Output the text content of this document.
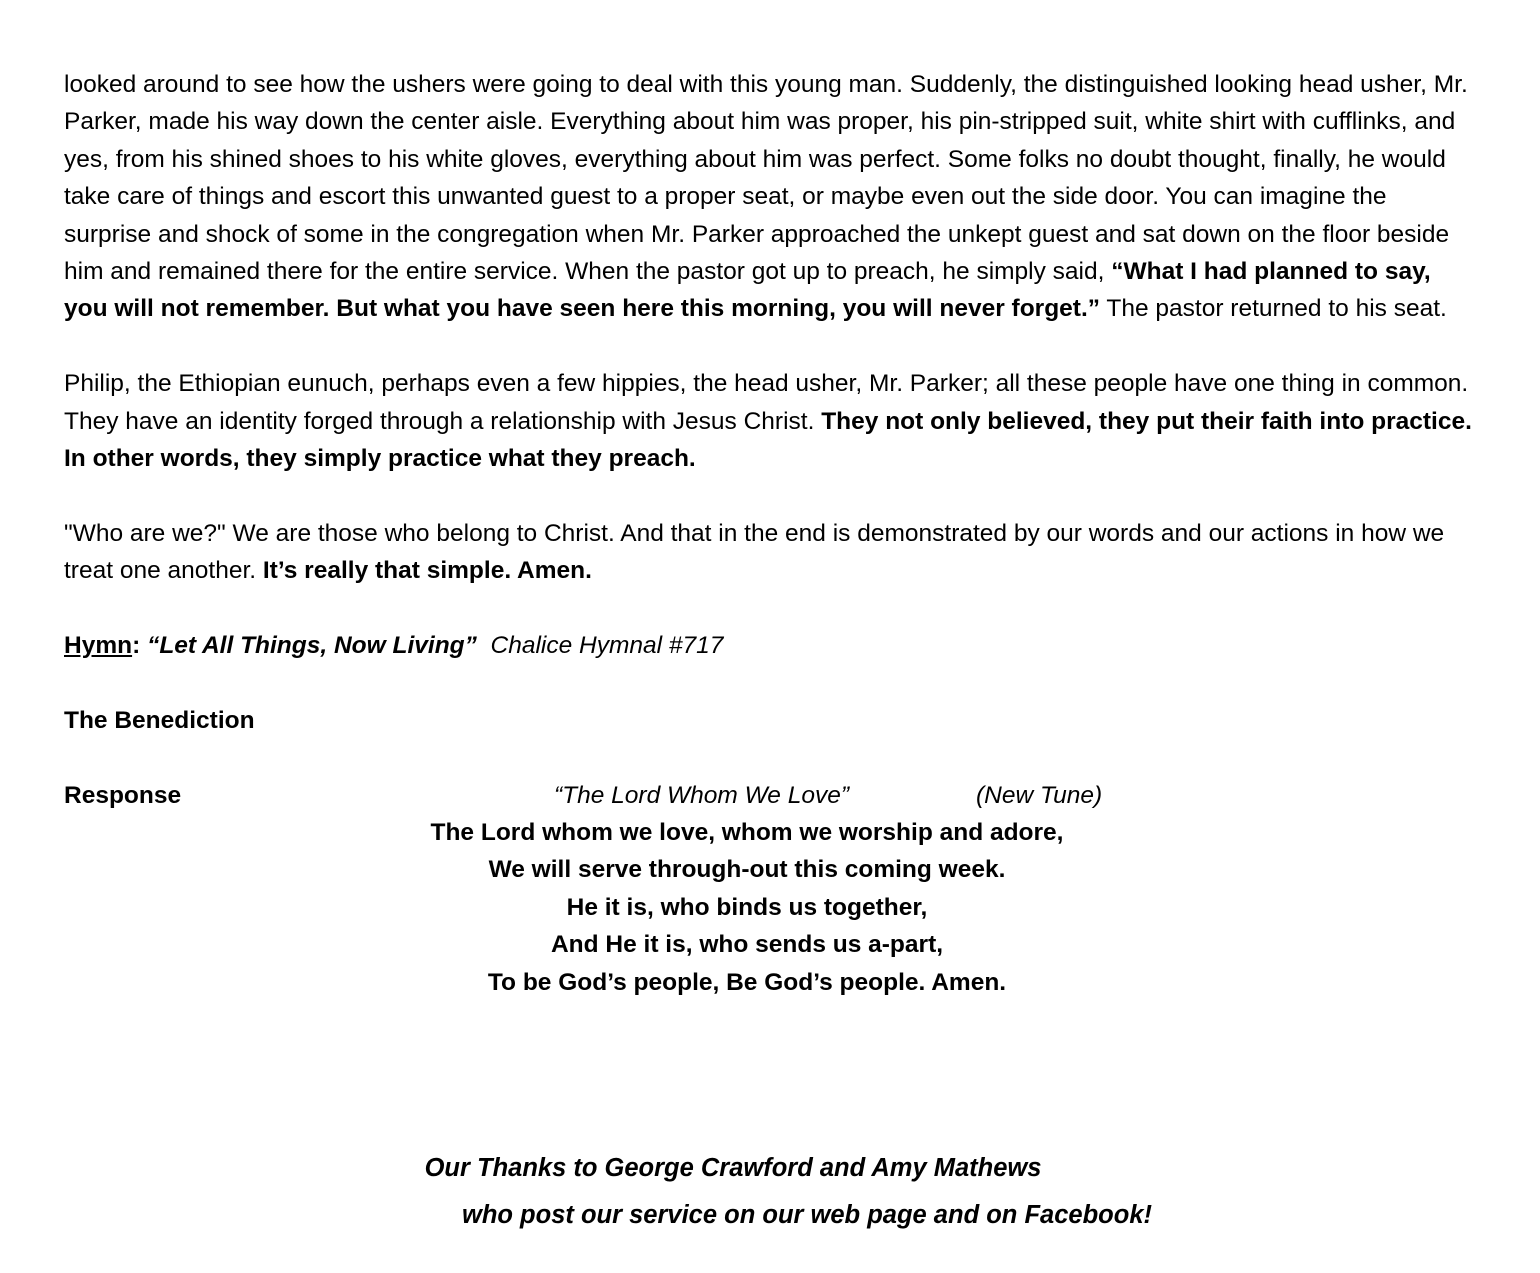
looked around to see how the ushers were going to deal with this young man. Suddenly, the distinguished looking head usher, Mr. Parker, made his way down the center aisle. Everything about him was proper, his pin-stripped suit, white shirt with cufflinks, and yes, from his shined shoes to his white gloves, everything about him was perfect. Some folks no doubt thought, finally, he would take care of things and escort this unwanted guest to a proper seat, or maybe even out the side door. You can imagine the surprise and shock of some in the congregation when Mr. Parker approached the unkept guest and sat down on the floor beside him and remained there for the entire service. When the pastor got up to preach, he simply said, “What I had planned to say, you will not remember. But what you have seen here this morning, you will never forget.” The pastor returned to his seat.

Philip, the Ethiopian eunuch, perhaps even a few hippies, the head usher, Mr. Parker; all these people have one thing in common. They have an identity forged through a relationship with Jesus Christ. They not only believed, they put their faith into practice. In other words, they simply practice what they preach.

"Who are we?" We are those who belong to Christ. And that in the end is demonstrated by our words and our actions in how we treat one another. It’s really that simple. Amen.

Hymn: “Let All Things, Now Living” Chalice Hymnal #717

The Benediction

Response	“The Lord Whom We Love”	(New Tune)

The Lord whom we love, whom we worship and adore,

We will serve through-out this coming week.

He it is, who binds us together,

And He it is, who sends us a-part,

To be God’s people, Be God’s people. Amen.

Our Thanks to George Crawford and Amy Mathews

who post our service on our web page and on Facebook!
